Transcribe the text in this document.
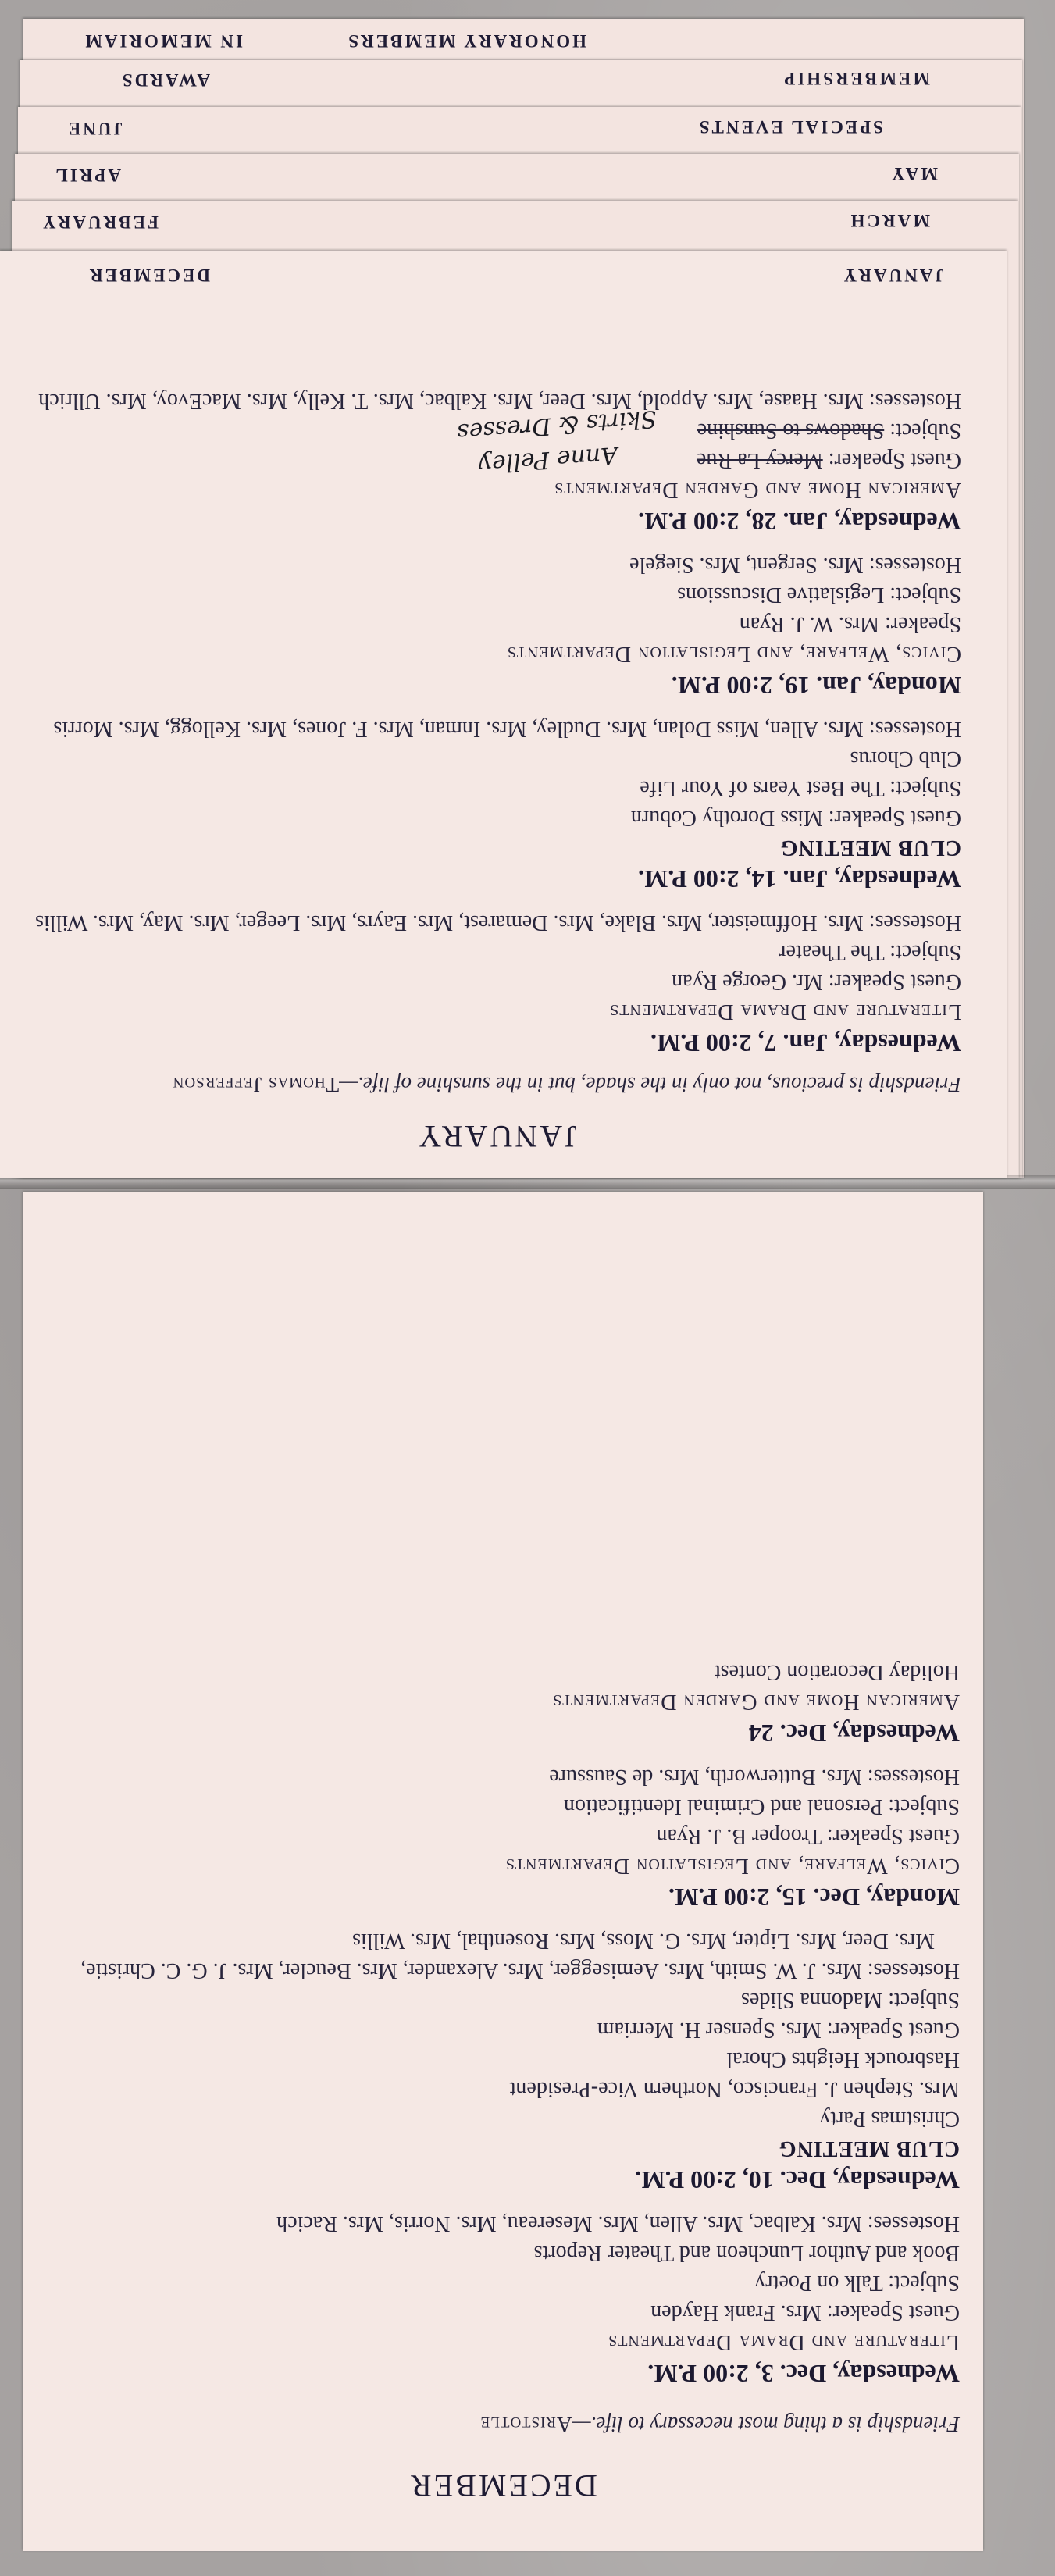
HONORARY MEMBERS
IN MEMORIAM
AWARDS
JUNE
APRIL
FEBRUARY
MEMBERSHIP
SPECIAL EVENTS
MAY
MARCH
DECEMBER
Friendship is a thing most necessary to life.—Aristotle
Wednesday, Dec. 3, 2:00 P.M.
Literature and Drama Departments
Guest Speaker: Mrs. Frank Hayden
Subject: Talk on Poetry
Book and Author Luncheon and Theater Reports
Hostesses: Mrs. Kalbac, Mrs. Allen, Mrs. Mesereau, Mrs. Norris, Mrs. Racich
Wednesday, Dec. 10, 2:00 P.M.
CLUB MEETING
Christmas Party
Mrs. Stephen J. Francisco, Northern Vice-President
Hasbrouck Heights Choral
Guest Speaker: Mrs. Spenser H. Merriam
Subject: Madonna Slides
Hostesses: Mrs. J. W. Smith, Mrs. Aemisegger, Mrs. Alexander, Mrs. Beucler, Mrs. J. G. C. Christie, Mrs. Deer, Mrs. Lipter, Mrs. G. Moss, Mrs. Rosenthal, Mrs. Willis
Monday, Dec. 15, 2:00 P.M.
Civics, Welfare, and Legislation Departments
Guest Speaker: Trooper B. J. Ryan
Subject: Personal and Criminal Identification
Hostesses: Mrs. Butterworth, Mrs. de Saussure
Wednesday, Dec. 24
American Home and Garden Departments
Holiday Decoration Contest
JANUARY
Friendship is precious, not only in the shade, but in the sunshine of life.—Thomas Jefferson
Wednesday, Jan. 7, 2:00 P.M.
Literature and Drama Departments
Guest Speaker: Mr. George Ryan
Subject: The Theater
Hostesses: Mrs. Hoffmeister, Mrs. Blake, Mrs. Demarest, Mrs. Eayrs, Mrs. Leeger, Mrs. May, Mrs. Willis
Wednesday, Jan. 14, 2:00 P.M.
CLUB MEETING
Guest Speaker: Miss Dorothy Coburn
Subject: The Best Years of Your Life
Club Chorus
Hostesses: Mrs. Allen, Miss Dolan, Mrs. Dudley, Mrs. Inman, Mrs. F. Jones, Mrs. Kellogg, Mrs. Morris
Monday, Jan. 19, 2:00 P.M.
Civics, Welfare, and Legislation Departments
Speaker: Mrs. W. J. Ryan
Subject: Legislative Discussions
Hostesses: Mrs. Sergent, Mrs. Siegele
Wednesday, Jan. 28, 2:00 P.M.
American Home and Garden Departments
Guest Speaker: Mercy La Rue
Subject: Shadows to Sunshine
Hostesses: Mrs. Haase, Mrs. Appold, Mrs. Deer, Mrs. Kalbac, Mrs. T. Kelly, Mrs. MacEvoy, Mrs. Ullrich
Anne Pelley
Skirts & Dresses
DECEMBER	JANUARY
